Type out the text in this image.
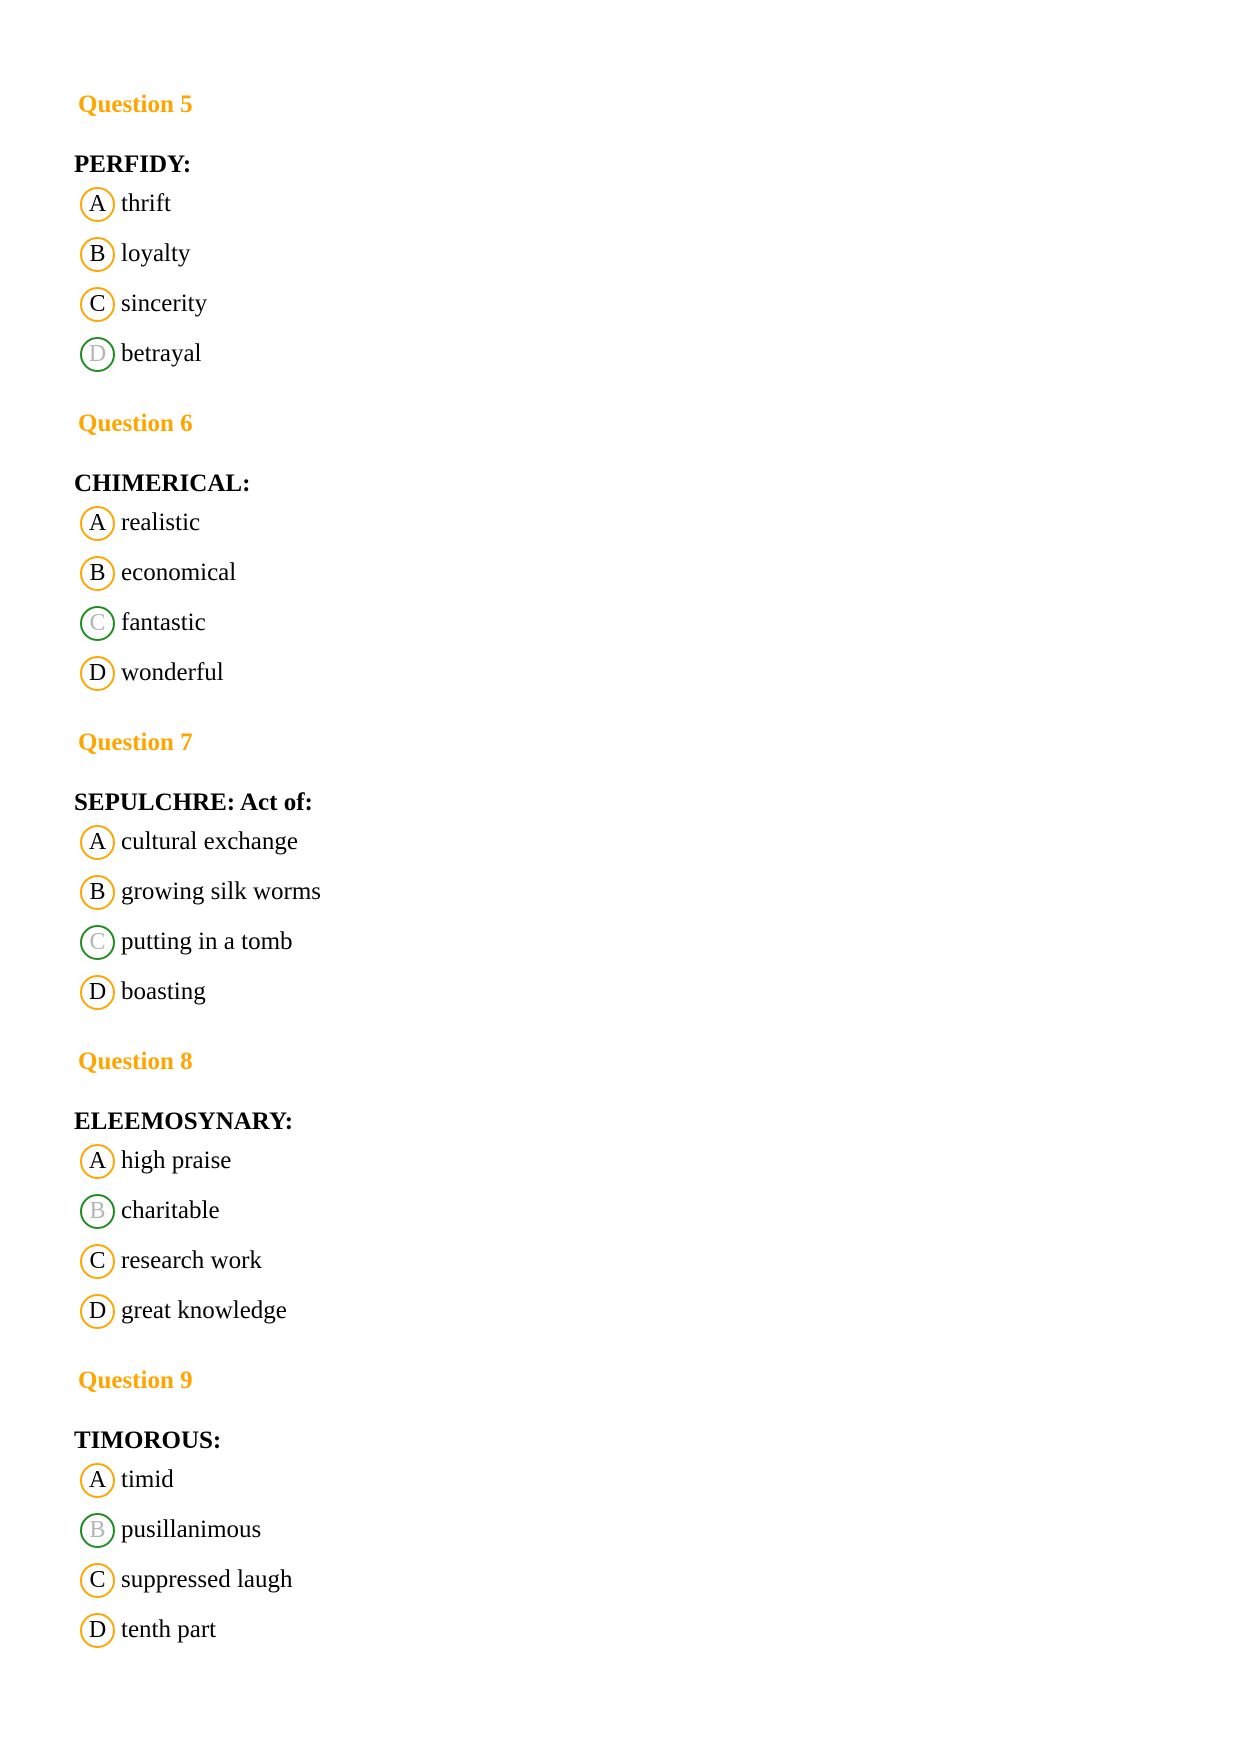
Question 5

PERFIDY:

A thrift
B loyalty
C sincerity
D betrayal
Question 6

CHIMERICAL:

A realistic
B economical
C fantastic
D wonderful
Question 7

SEPULCHRE: Act of:

A cultural exchange
B growing silk worms
C putting in a tomb
D boasting
Question 8

ELEEMOSYNARY:

A high praise
B charitable
C research work
D great knowledge
Question 9

TIMOROUS:

A timid
B pusillanimous
C suppressed laugh
D tenth part
